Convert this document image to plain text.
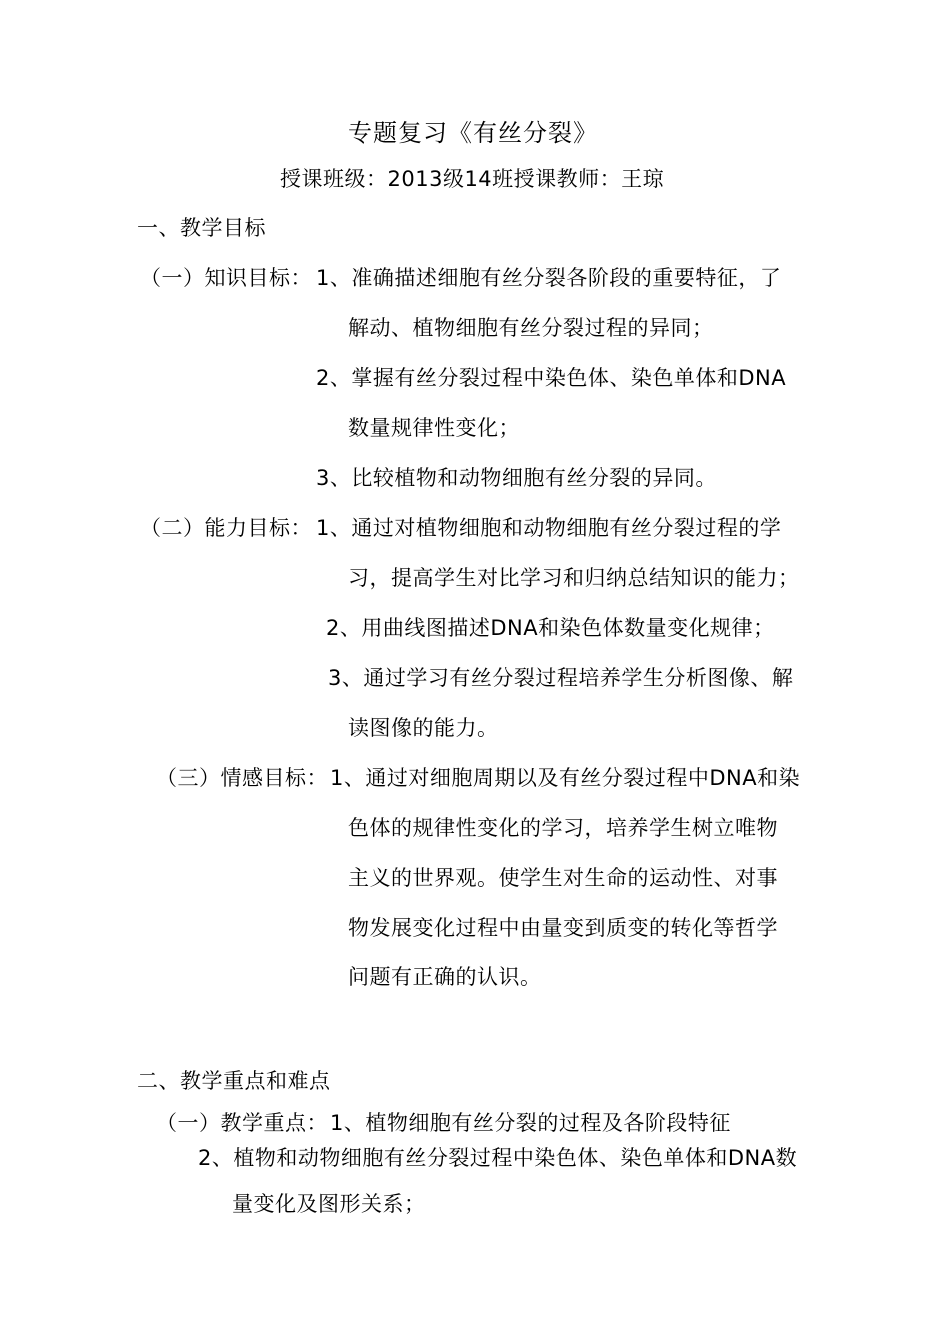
专题复习《有丝分裂》
授课班级：2013级14班授课教师：王琼
一、教学目标
（一）知识目标： 1、准确描述细胞有丝分裂各阶段的重要特征，了
解动、植物细胞有丝分裂过程的异同；
2、掌握有丝分裂过程中染色体、染色单体和DNA
数量规律性变化；
3、比较植物和动物细胞有丝分裂的异同。
（二）能力目标： 1、通过对植物细胞和动物细胞有丝分裂过程的学
习，提高学生对比学习和归纳总结知识的能力；
2、用曲线图描述DNA和染色体数量变化规律；
3、通过学习有丝分裂过程培养学生分析图像、解
读图像的能力。
（三）情感目标： 1、通过对细胞周期以及有丝分裂过程中DNA和染
色体的规律性变化的学习，培养学生树立唯物
主义的世界观。使学生对生命的运动性、对事
物发展变化过程中由量变到质变的转化等哲学
问题有正确的认识。
二、教学重点和难点
（一）教学重点： 1、植物细胞有丝分裂的过程及各阶段特征
2、植物和动物细胞有丝分裂过程中染色体、染色单体和DNA数
量变化及图形关系；
